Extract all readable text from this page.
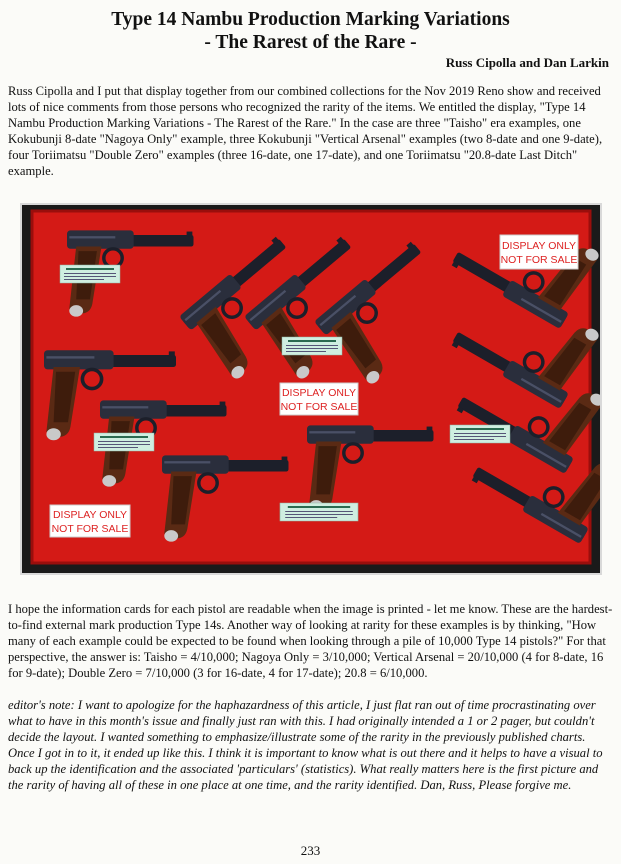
Type 14 Nambu Production Marking Variations
- The Rarest of the Rare -

Russ Cipolla and Dan Larkin

Russ Cipolla and I put that display together from our combined collections for the Nov 2019 Reno show and received lots of nice comments from those persons who recognized the rarity of the items. We entitled the display, "Type 14 Nambu Production Marking Variations - The Rarest of the Rare." In the case are three "Taisho" era examples, one Kokubunji 8-date "Nagoya Only" example, three Kokubunji "Vertical Arsenal" examples (two 8-date and one 9-date), four Toriimatsu "Double Zero" examples (three 16-date, one 17-date), and one Toriimatsu "20.8-date Last Ditch" example.

DISPLAY ONLY
NOT FOR SALE
DISPLAY ONLY
NOT FOR SALE
DISPLAY ONLY
NOT FOR SALE

I hope the information cards for each pistol are readable when the image is printed - let me know. These are the hardest-to-find external mark production Type 14s. Another way of looking at rarity for these examples is by thinking, "How many of each example could be expected to be found when looking through a pile of 10,000 Type 14 pistols?" For that perspective, the answer is: Taisho = 4/10,000; Nagoya Only = 3/10,000; Vertical Arsenal = 20/10,000 (4 for 8-date, 16 for 9-date); Double Zero = 7/10,000 (3 for 16-date, 4 for 17-date); 20.8 = 6/10,000.

editor's note: I want to apologize for the haphazardness of this article, I just flat ran out of time procrastinating over what to have in this month's issue and finally just ran with this. I had originally intended a 1 or 2 pager, but couldn't decide the layout. I wanted something to emphasize/illustrate some of the rarity in the previously published charts. Once I got in to it, it ended up like this. I think it is important to know what is out there and it helps to have a visual to back up the identification and the associated 'particulars' (statistics). What really matters here is the first picture and the rarity of having all of these in one place at one time, and the rarity identified. Dan, Russ, Please forgive me.

233
